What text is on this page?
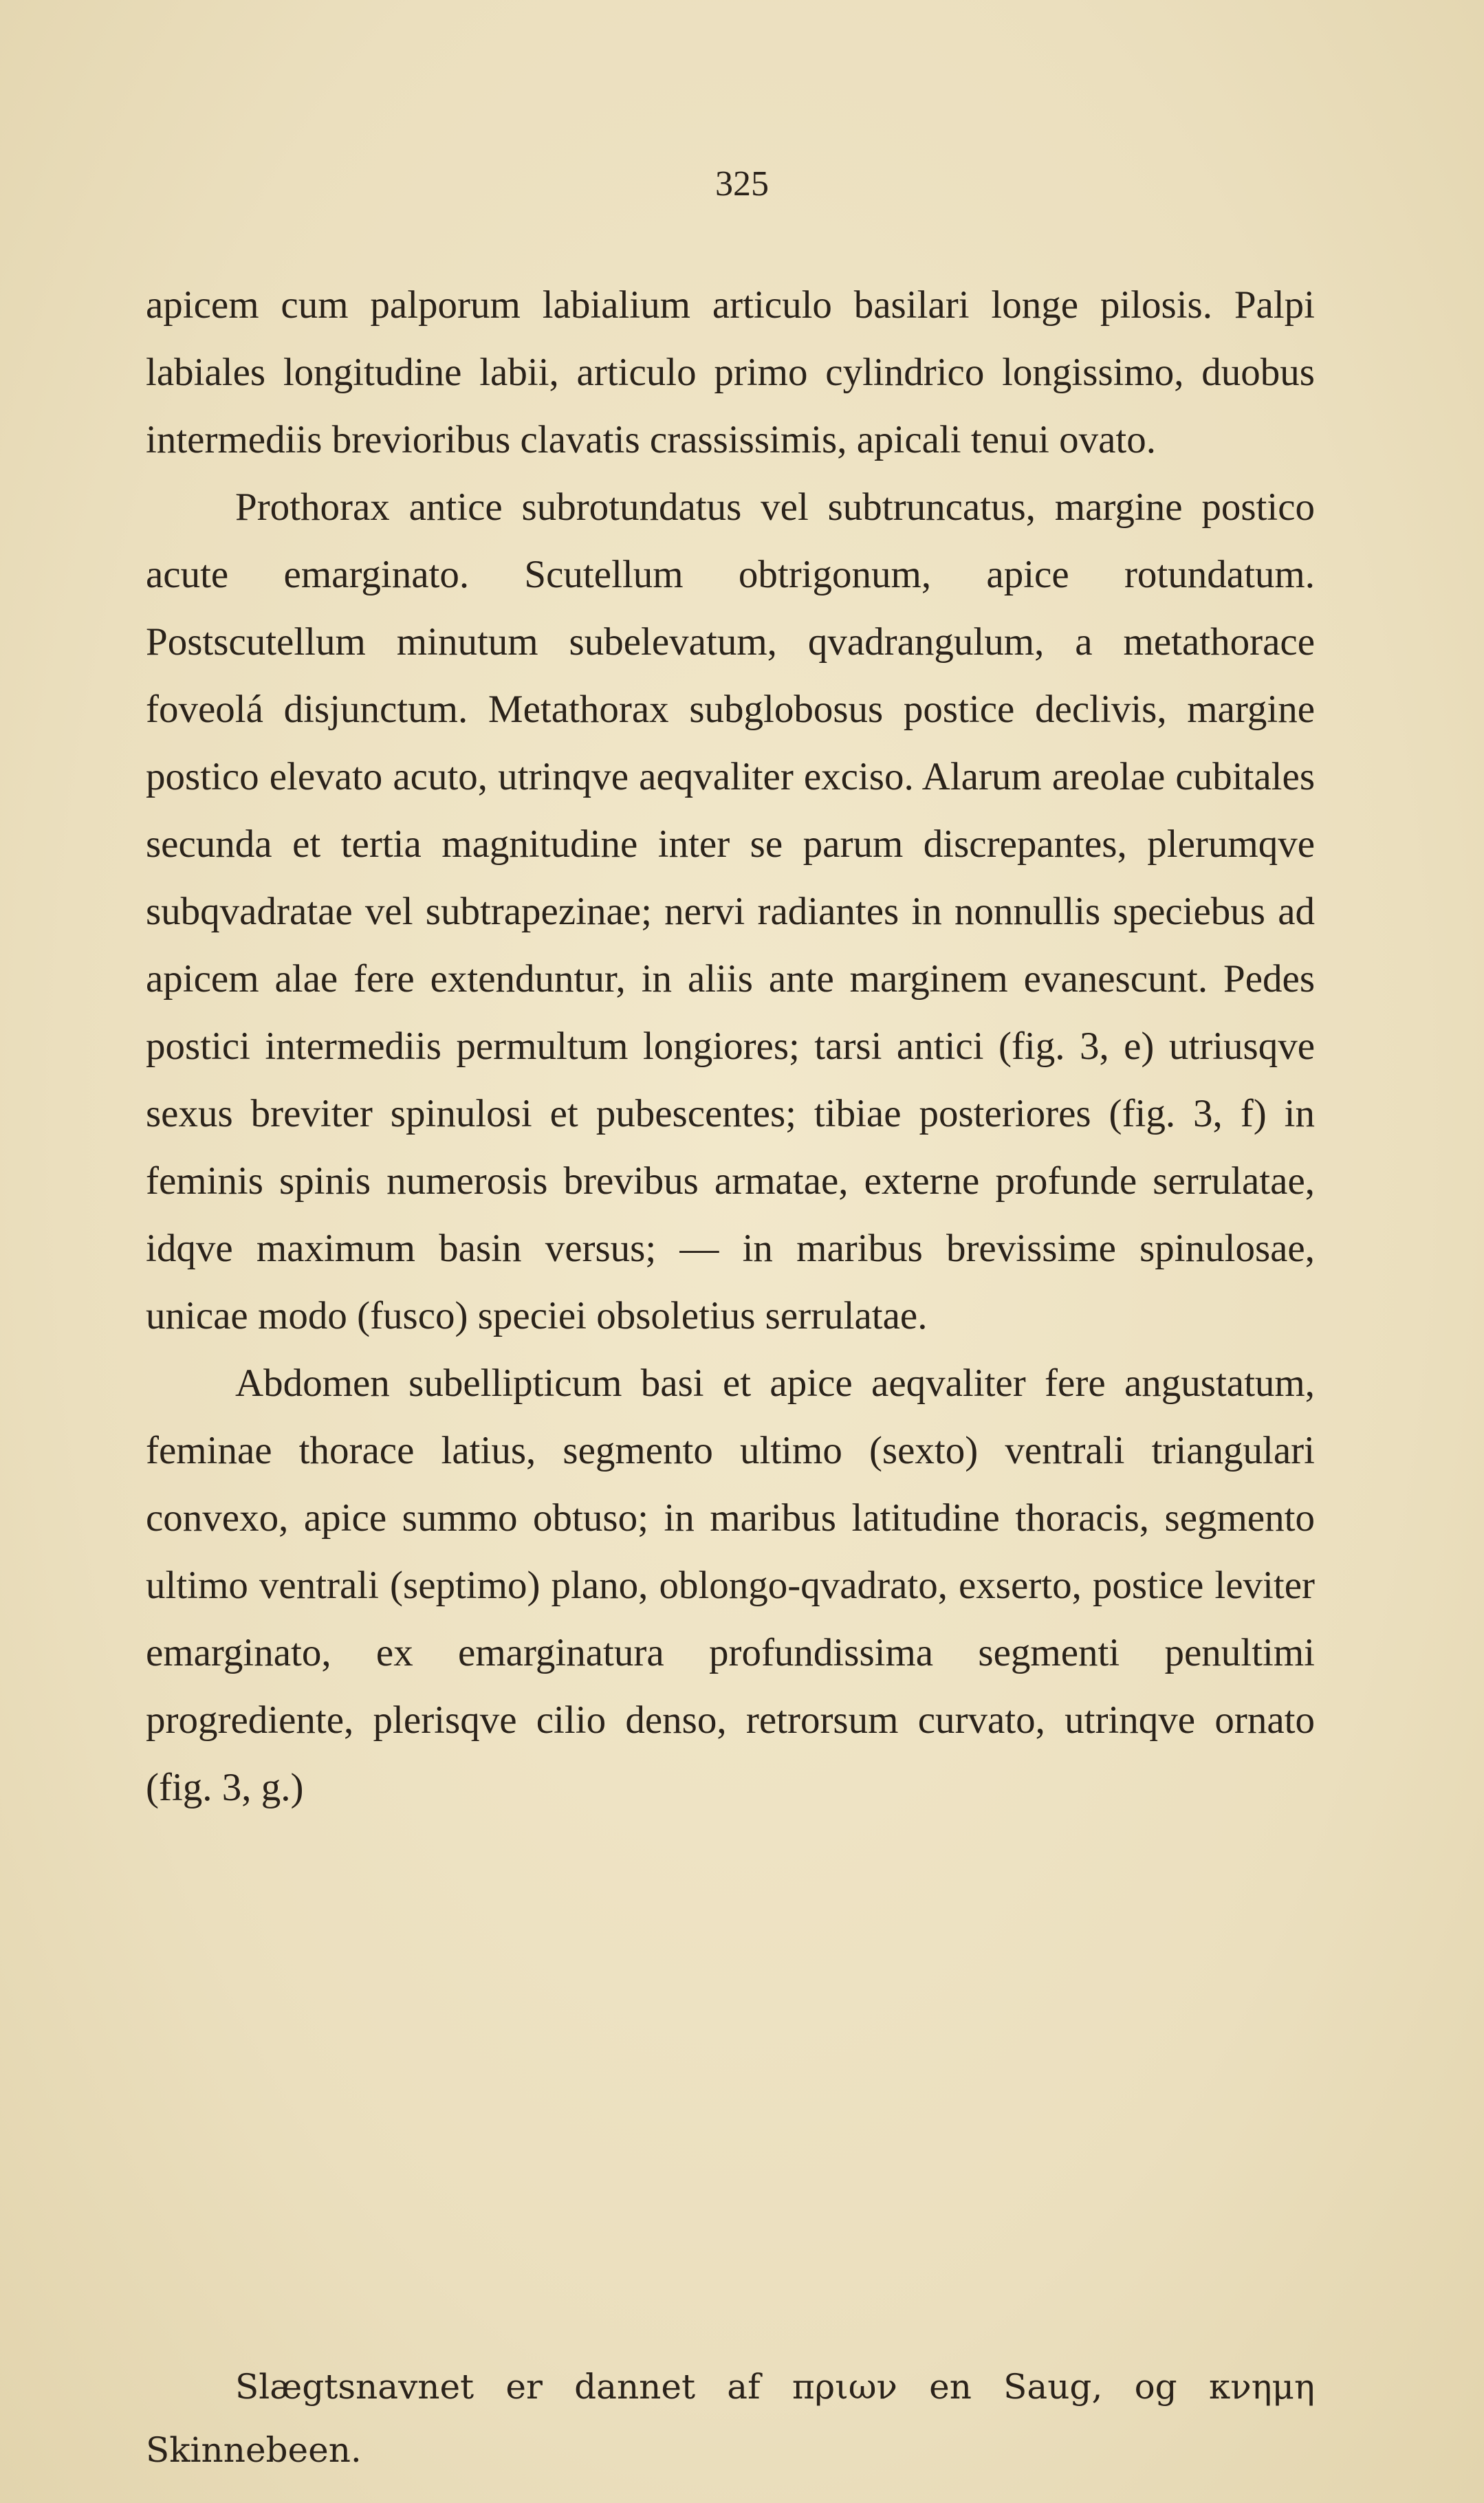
325

apicem cum palporum labialium articulo basilari longe pilosis. Palpi labiales longitudine labii, articulo primo cylindrico longissimo, duobus intermediis brevioribus clavatis crassissimis, apicali tenui ovato.

Prothorax antice subrotundatus vel subtruncatus, margine postico acute emarginato. Scutellum obtrigonum, apice rotundatum. Postscutellum minutum subelevatum, qvadrangulum, a metathorace foveolá disjunctum. Metathorax subglobosus postice declivis, margine postico elevato acuto, utrinqve aeqvaliter exciso. Alarum areolae cubitales secunda et tertia magnitudine inter se parum discrepantes, plerumqve subqvadratae vel subtrapezinae; nervi radiantes in nonnullis speciebus ad apicem alae fere extenduntur, in aliis ante marginem evanescunt. Pedes postici intermediis permultum longiores; tarsi antici (fig. 3, e) utriusqve sexus breviter spinulosi et pubescentes; tibiae posteriores (fig. 3, f) in feminis spinis numerosis brevibus armatae, externe profunde serrulatae, idqve maximum basin versus; — in maribus brevissime spinulosae, unicae modo (fusco) speciei obsoletius serrulatae.

Abdomen subellipticum basi et apice aeqvaliter fere angustatum, feminae thorace latius, segmento ultimo (sexto) ventrali triangulari convexo, apice summo obtuso; in maribus latitudine thoracis, segmento ultimo ventrali (septimo) plano, oblongo-qvadrato, exserto, postice leviter emarginato, ex emarginatura profundissima segmenti penultimi progrediente, plerisqve cilio denso, retrorsum curvato, utrinqve ornato (fig. 3, g.)

Slægtsnavnet er dannet af πριων en Saug, og κνημη Skinnebeen.
